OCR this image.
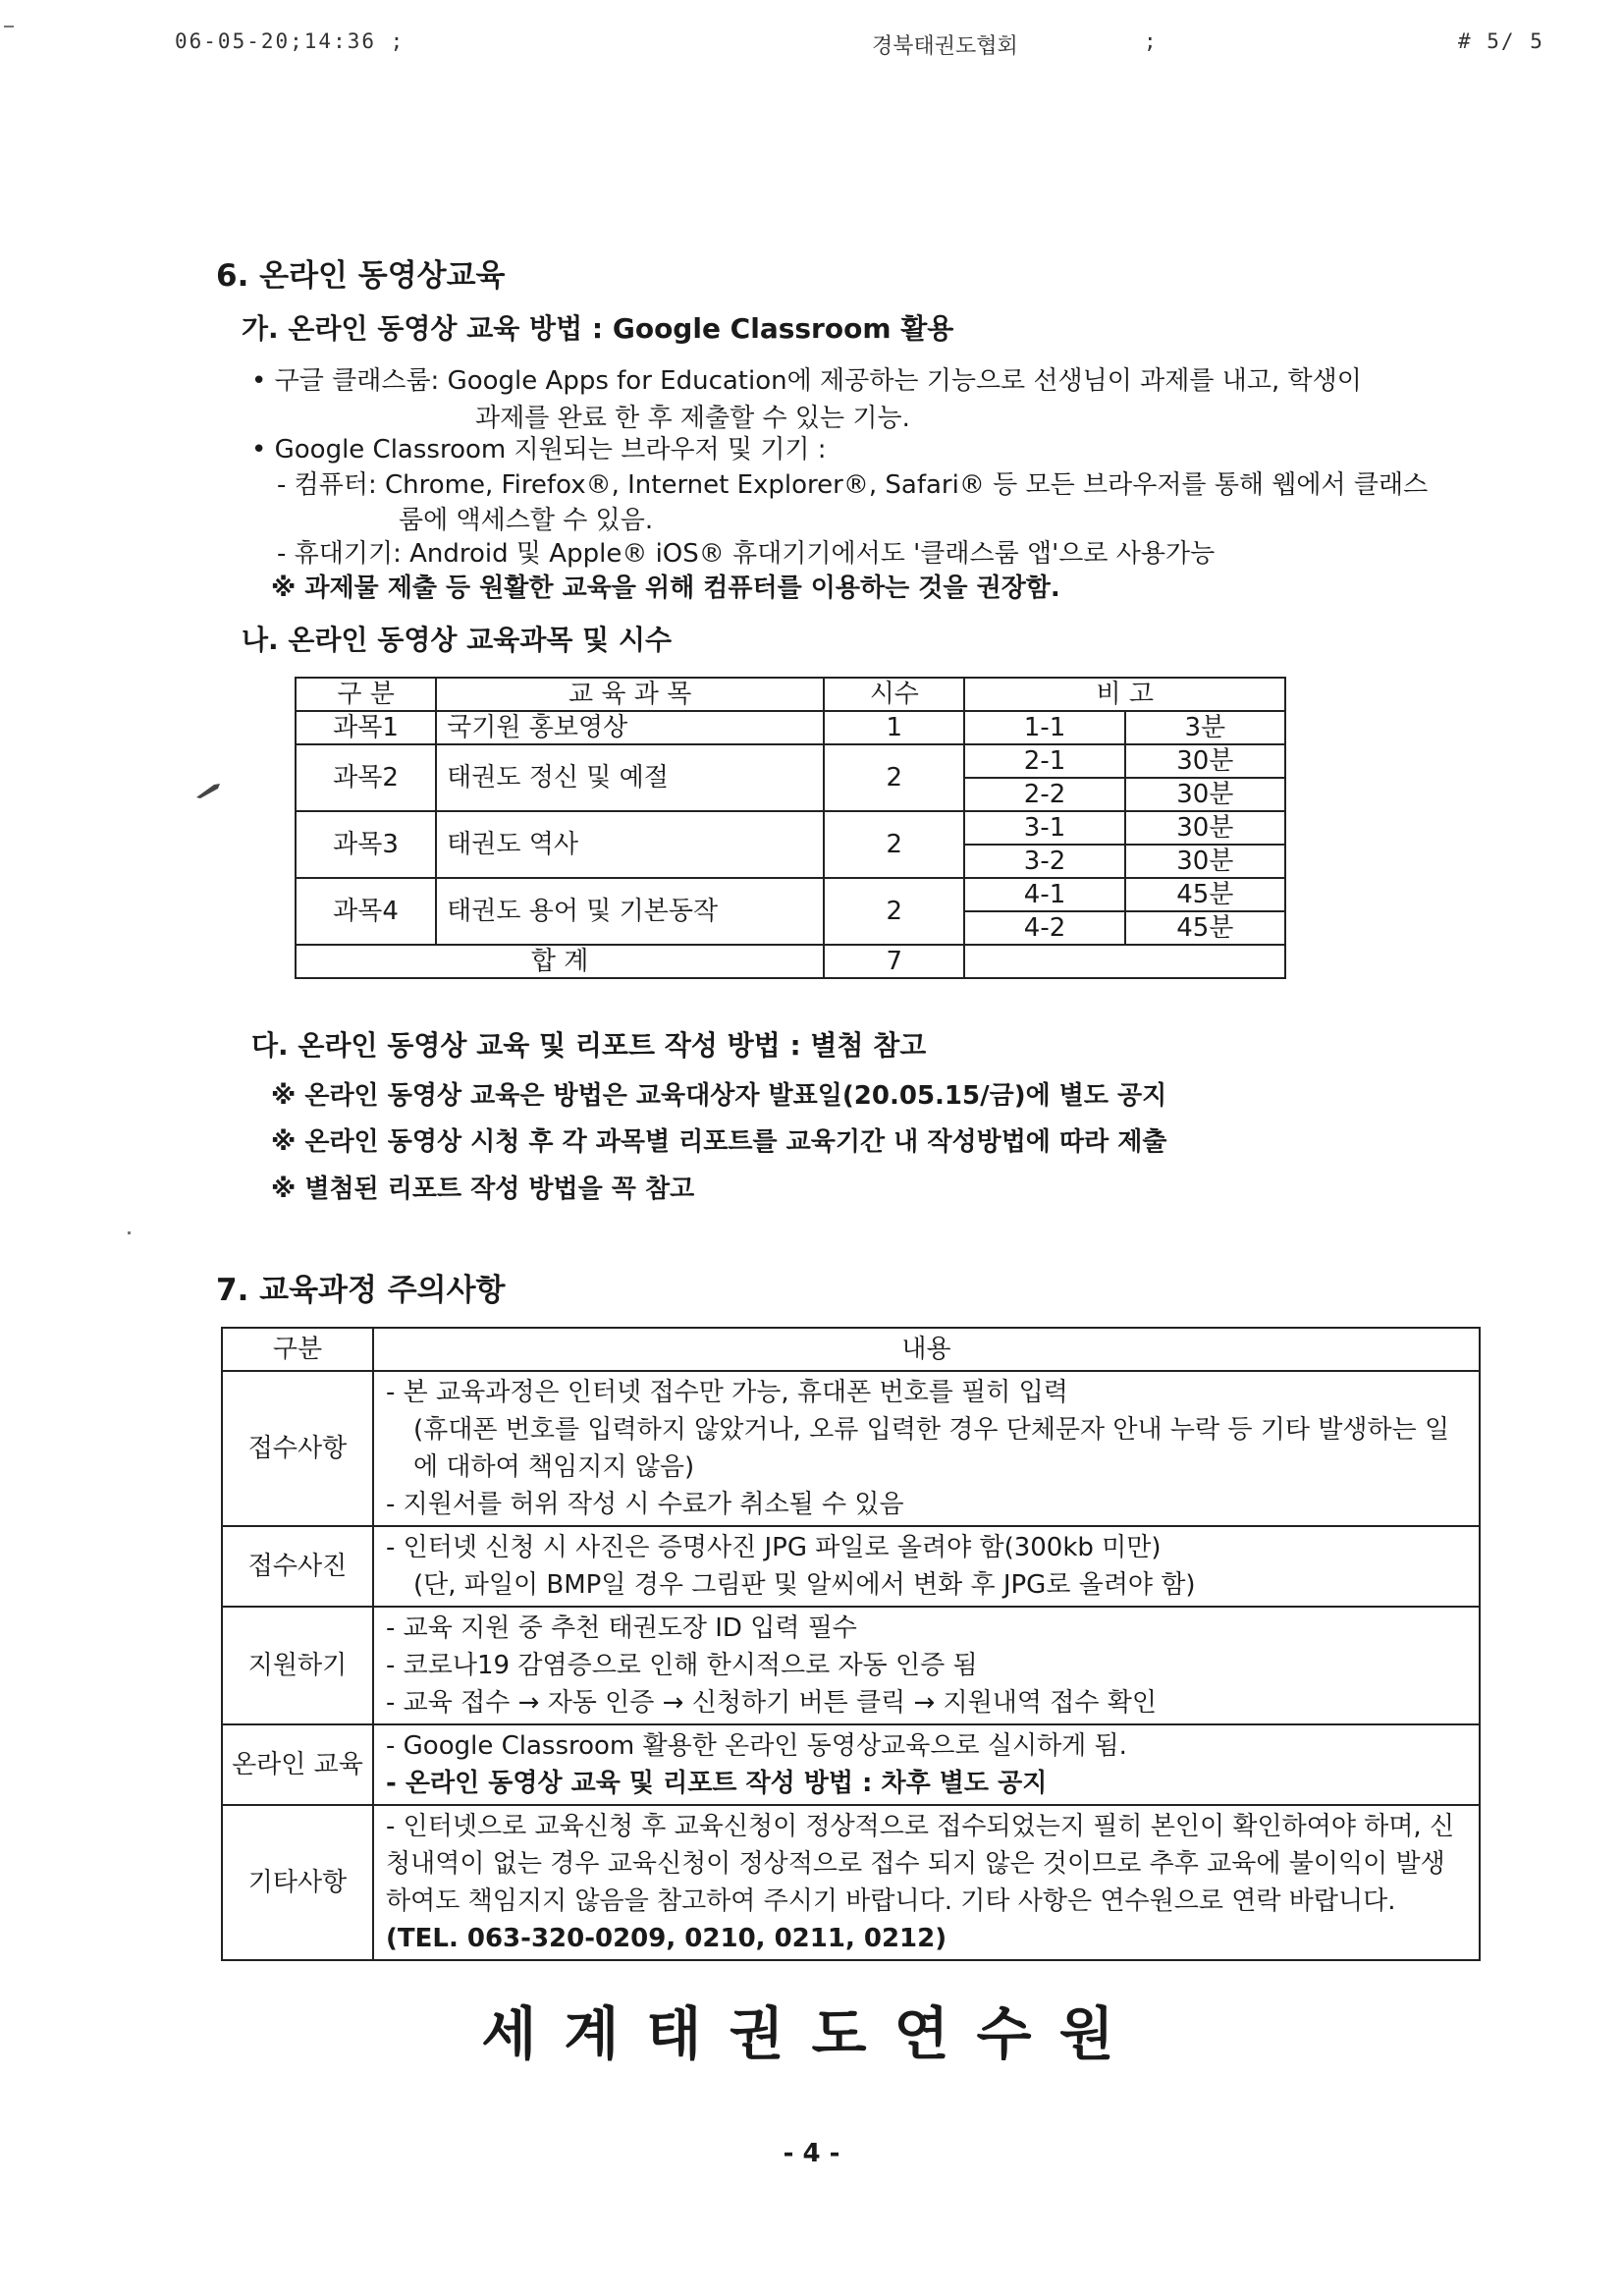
06-05-20;14:36 ;	경북태권도협회	;	# 5/ 5
6. 온라인 동영상교육
가. 온라인 동영상 교육 방법 : Google Classroom 활용
• 구글 클래스룸: Google Apps for Education에 제공하는 기능으로 선생님이 과제를 내고, 학생이
과제를 완료 한 후 제출할 수 있는 기능.
• Google Classroom 지원되는 브라우저 및 기기 :
- 컴퓨터: Chrome, Firefox®, Internet Explorer®, Safari® 등 모든 브라우저를 통해 웹에서 클래스
룸에 액세스할 수 있음.
- 휴대기기: Android 및 Apple® iOS® 휴대기기에서도 '클래스룸 앱'으로 사용가능
※ 과제물 제출 등 원활한 교육을 위해 컴퓨터를 이용하는 것을 권장함.
나. 온라인 동영상 교육과목 및 시수
구 분	교 육 과 목	시수	비 고	
과목1	국기원 홍보영상	1	1-1	3분
과목2	태권도 정신 및 예절	2	2-1	30분
			2-2	30분
과목3	태권도 역사	2	3-1	30분
			3-2	30분
과목4	태권도 용어 및 기본동작	2	4-1	45분
			4-2	45분
합 계		7		
다. 온라인 동영상 교육 및 리포트 작성 방법 : 별첨 참고
※ 온라인 동영상 교육은 방법은 교육대상자 발표일(20.05.15/금)에 별도 공지
※ 온라인 동영상 시청 후 각 과목별 리포트를 교육기간 내 작성방법에 따라 제출
※ 별첨된 리포트 작성 방법을 꼭 참고
7. 교육과정 주의사항
구분	내용
접수사항	- 본 교육과정은 인터넷 접수만 가능, 휴대폰 번호를 필히 입력
(휴대폰 번호를 입력하지 않았거나, 오류 입력한 경우 단체문자 안내 누락 등 기타 발생하는 일에 대하여 책임지지 않음)
- 지원서를 허위 작성 시 수료가 취소될 수 있음

접수사진	- 인터넷 신청 시 사진은 증명사진 JPG 파일로 올려야 함(300kb 미만)
(단, 파일이 BMP일 경우 그림판 및 알씨에서 변화 후 JPG로 올려야 함)

지원하기	- 교육 지원 중 추천 태권도장 ID 입력 필수
- 코로나19 감염증으로 인해 한시적으로 자동 인증 됨
- 교육 접수 → 자동 인증 → 신청하기 버튼 클릭 → 지원내역 접수 확인

온라인 교육	- Google Classroom 활용한 온라인 동영상교육으로 실시하게 됨.
- 온라인 동영상 교육 및 리포트 작성 방법 : 차후 별도 공지

기타사항	- 인터넷으로 교육신청 후 교육신청이 정상적으로 접수되었는지 필히 본인이 확인하여야 하며, 신청내역이 없는 경우 교육신청이 정상적으로 접수 되지 않은 것이므로 추후 교육에 불이익이 발생하여도 책임지지 않음을 참고하여 주시기 바랍니다. 기타 사항은 연수원으로 연락 바랍니다.
(TEL. 063-320-0209, 0210, 0211, 0212)
세계태권도연수원
- 4 -
